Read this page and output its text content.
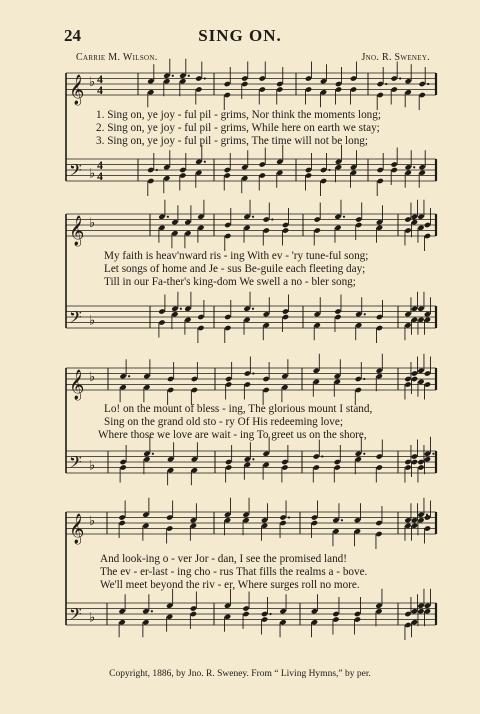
24	SING ON.
Carrie M. Wilson.	Jno. R. Sweney.
𝄞
𝄢
♭
♭
4
4
4
4
𝄞
𝄢
♭
♭
𝄞
𝄢
♭
♭
𝄞
𝄢
♭
♭
1. Sing on, ye joy - ful pil - grims, Nor think the moments long;
2. Sing on, ye joy - ful pil - grims, While here on earth we stay;
3. Sing on, ye joy - ful pil - grims, The time will not be long;
My faith is heav'nward ris - ing With ev - 'ry tune-ful song;
Let songs of home and Je - sus Be-guile each fleeting day;
Till in our Fa-ther's king-dom We swell a no - bler song;
Lo! on the mount of bless - ing, The glorious mount I stand,
Sing on the grand old sto - ry Of His redeeming love;
Where those we love are wait - ing To greet us on the shore,
And look-ing o - ver Jor - dan, I see the promised land!
The ev - er-last - ing cho - rus That fills the realms a - bove.
We'll meet beyond the riv - er, Where surges roll no more.
Copyright, 1886, by Jno. R. Sweney. From “ Living Hymns,” by per.
